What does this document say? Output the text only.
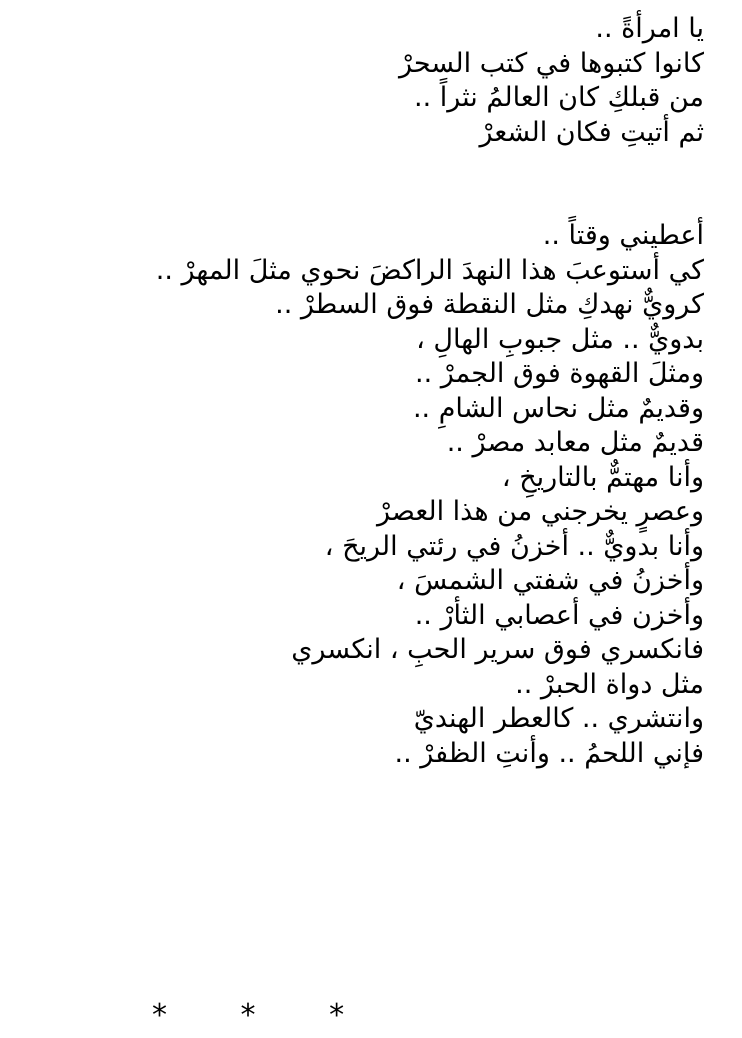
يا امرأةً ..
كانوا كتبوها في كتب السحرْ
من قبلكِ كان العالمُ نثراً ..
ثم أتيتِ فكان الشعرْ
أعطيني وقتاً ..
كي أستوعبَ هذا النهدَ الراكضَ نحوي مثلَ المهرْ ..
كرويٌّ نهدكِ مثل النقطة فوق السطرْ ..
بدويٌّ .. مثل جبوبِ الهالِ ،
ومثلَ القهوة فوق الجمرْ ..
وقديمٌ مثل نحاس الشامِ ..
قديمٌ مثل معابد مصرْ ..
وأنا مهتمٌّ بالتاريخِ ،
وعصرٍ يخرجني من هذا العصرْ
وأنا بدويٌّ .. أخزنُ في رئتي الريحَ ،
وأخزنُ في شفتي الشمسَ ،
وأخزن في أعصابي الثأرْ ..
فانكسري فوق سرير الحبِ ، انكسري
مثل دواة الحبرْ ..
وانتشري .. كالعطر الهنديّ
فإني اللحمُ .. وأنتِ الظفرْ ..
* * *
